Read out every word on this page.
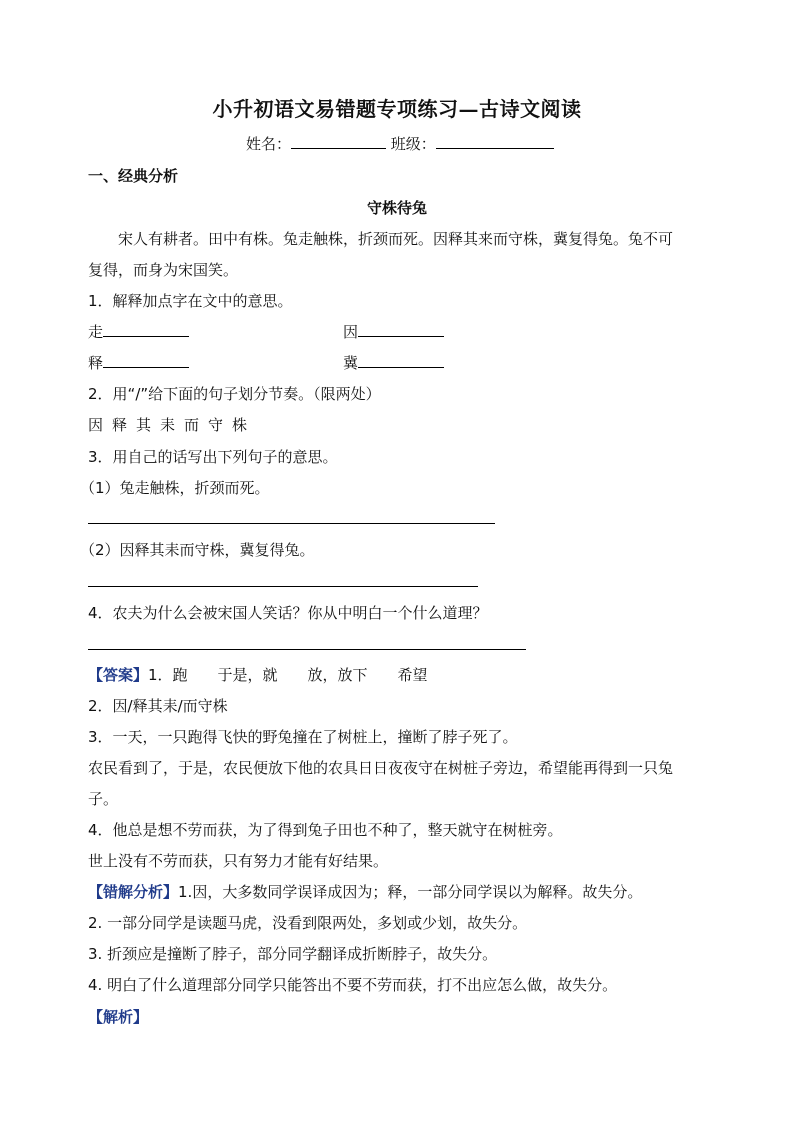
小升初语文易错题专项练习—古诗文阅读
姓名：	班级：
一、经典分析
守株待兔
宋人有耕者。田中有株。兔走触株，折颈而死。因释其来而守株，冀复得兔。兔不可
复得，而身为宋国笑。
1．解释加点字在文中的意思。
走	因
释	冀
2．用“/”给下面的句子划分节奏。（限两处）
因 释 其 耒 而 守 株
3．用自己的话写出下列句子的意思。
（1）兔走触株，折颈而死。
（2）因释其耒而守株，冀复得兔。
4．农夫为什么会被宋国人笑话？你从中明白一个什么道理？
【答案】1．跑　　于是，就　　放，放下　　希望
2．因/释其耒/而守株
3．一天，一只跑得飞快的野兔撞在了树桩上，撞断了脖子死了。
农民看到了，于是，农民便放下他的农具日日夜夜守在树桩子旁边，希望能再得到一只兔
子。
4．他总是想不劳而获，为了得到兔子田也不种了，整天就守在树桩旁。
世上没有不劳而获，只有努力才能有好结果。
【错解分析】1.因，大多数同学误译成因为；释，一部分同学误以为解释。故失分。
2. 一部分同学是读题马虎，没看到限两处，多划或少划，故失分。
3. 折颈应是撞断了脖子，部分同学翻译成折断脖子，故失分。
4. 明白了什么道理部分同学只能答出不要不劳而获，打不出应怎么做，故失分。
【解析】
